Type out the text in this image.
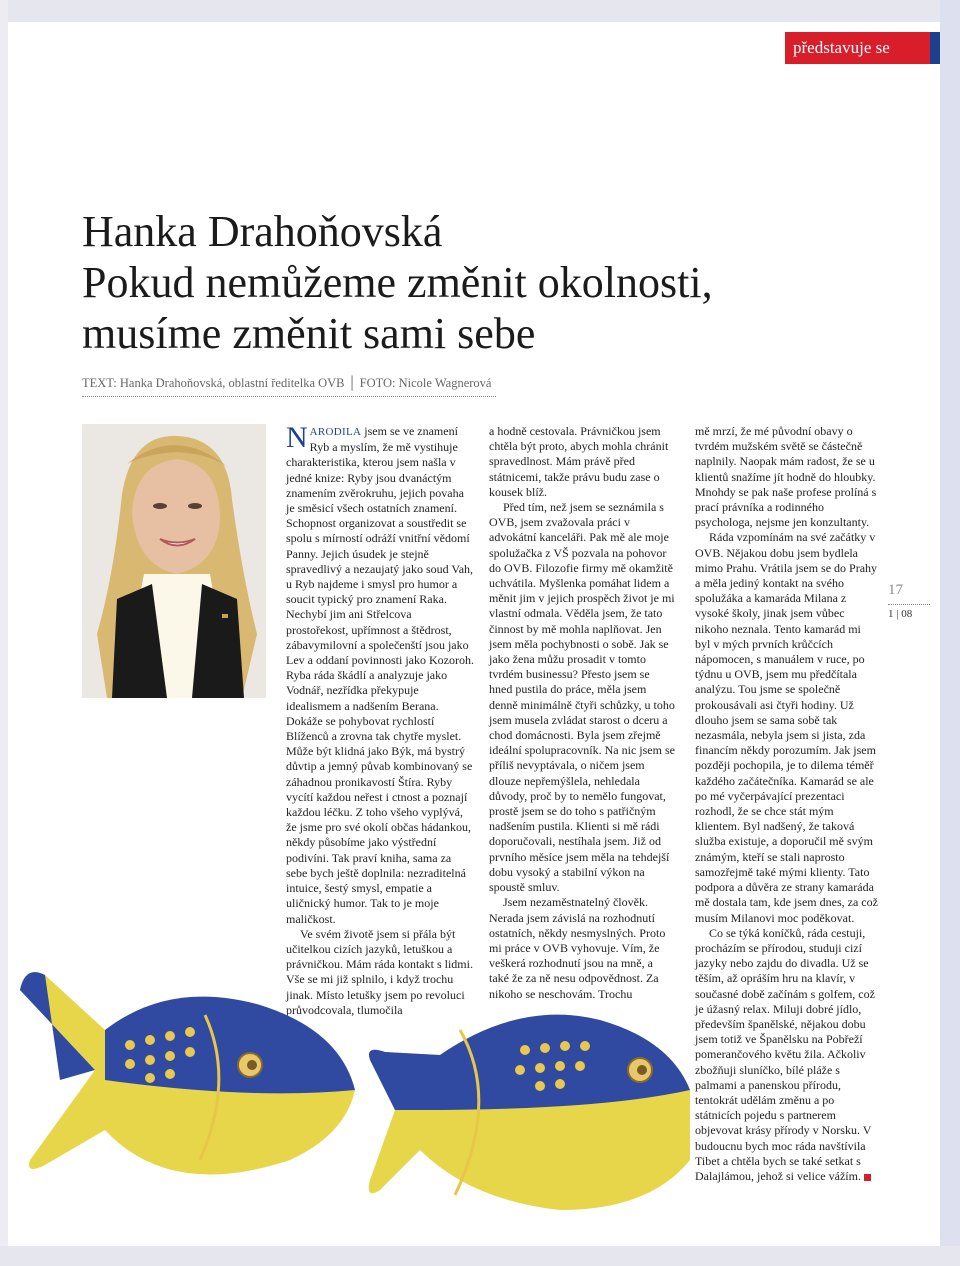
představuje se
Hanka Drahoňovská
Pokud nemůžeme změnit okolnosti,
musíme změnit sami sebe
TEXT: Hanka Drahoňovská, oblastní ředitelka OVB │ FOTO: Nicole Wagnerová

NARODILA jsem se ve znamení Ryb a myslím, že mě vystihuje charakteristika, kterou jsem našla v jedné knize: Ryby jsou dvanáctým znamením zvěrokruhu, jejich povaha je směsicí všech ostatních znamení. Schopnost organizovat a soustředit se spolu s mírností odráží vnitřní vědomí Panny. Jejich úsudek je stejně spravedlivý a nezaujatý jako soud Vah, u Ryb najdeme i smysl pro humor a soucit typický pro znamení Raka. Nechybí jim ani Střelcova prostořekost, upřímnost a štědrost, zábavymilovní a společenští jsou jako Lev a oddaní povinnosti jako Kozoroh. Ryba ráda škádlí a analyzuje jako Vodnář, nezřídka překypuje idealismem a nadšením Berana. Dokáže se pohybovat rychlostí Blíženců a zrovna tak chytře myslet. Může být klidná jako Býk, má bystrý důvtip a jemný půvab kombinovaný se záhadnou pronikavostí Štíra. Ryby vycítí každou neřest i ctnost a poznají každou léčku. Z toho všeho vyplývá, že jsme pro své okolí občas hádankou, někdy působíme jako výstřední podivíni. Tak praví kniha, sama za sebe bych ještě doplnila: nezraditelná intuice, šestý smysl, empatie a uličnický humor. Tak to je moje maličkost.

Ve svém životě jsem si přála být učitelkou cizích jazyků, letuškou a právničkou. Mám ráda kontakt s lidmi. Vše se mi již splnilo, i když trochu jinak. Místo letušky jsem po revoluci průvodcovala, tlumočila

a hodně cestovala. Právničkou jsem chtěla být proto, abych mohla chránit spravedlnost. Mám právě před státnicemi, takže právu budu zase o kousek blíž.

Před tím, než jsem se seznámila s OVB, jsem zvažovala práci v advokátní kanceláři. Pak mě ale moje spolužačka z VŠ pozvala na pohovor do OVB. Filozofie firmy mě okamžitě uchvátila. Myšlenka pomáhat lidem a měnit jim v jejich prospěch život je mi vlastní odmala. Věděla jsem, že tato činnost by mě mohla naplňovat. Jen jsem měla pochybnosti o sobě. Jak se jako žena můžu prosadit v tomto tvrdém businessu? Přesto jsem se hned pustila do práce, měla jsem denně minimálně čtyři schůzky, u toho jsem musela zvládat starost o dceru a chod domácnosti. Byla jsem zřejmě ideální spolupracovník. Na nic jsem se příliš nevyptávala, o ničem jsem dlouze nepřemýšlela, nehledala důvody, proč by to nemělo fungovat, prostě jsem se do toho s patřičným nadšením pustila. Klienti si mě rádi doporučovali, nestíhala jsem. Již od prvního měsíce jsem měla na tehdejší dobu vysoký a stabilní výkon na spoustě smluv.

Jsem nezaměstnatelný člověk. Nerada jsem závislá na rozhodnutí ostatních, někdy nesmyslných. Proto mi práce v OVB vyhovuje. Vím, že veškerá rozhodnutí jsou na mně, a také že za ně nesu odpovědnost. Za nikoho se neschovám. Trochu

mě mrzí, že mé původní obavy o tvrdém mužském světě se částečně naplnily. Naopak mám radost, že se u klientů snažíme jít hodně do hloubky. Mnohdy se pak naše profese prolíná s prací právníka a rodinného psychologa, nejsme jen konzultanty.

Ráda vzpomínám na své začátky v OVB. Nějakou dobu jsem bydlela mimo Prahu. Vrátila jsem se do Prahy a měla jediný kontakt na svého spolužáka a kamaráda Milana z vysoké školy, jinak jsem vůbec nikoho neznala. Tento kamarád mi byl v mých prvních krůčcích nápomocen, s manuálem v ruce, po týdnu u OVB, jsem mu předčítala analýzu. Tou jsme se společně prokousávali asi čtyři hodiny. Už dlouho jsem se sama sobě tak nezasmála, nebyla jsem si jista, zda financím někdy porozumím. Jak jsem později pochopila, je to dilema téměř každého začátečníka. Kamarád se ale po mé vyčerpávající prezentaci rozhodl, že se chce stát mým klientem. Byl nadšený, že taková služba existuje, a doporučil mě svým známým, kteří se stali naprosto samozřejmě také mými klienty. Tato podpora a důvěra ze strany kamaráda mě dostala tam, kde jsem dnes, za což musím Milanovi moc poděkovat.

Co se týká koníčků, ráda cestuji, procházím se přírodou, studuji cizí jazyky nebo zajdu do divadla. Už se těším, až opráším hru na klavír, v současné době začínám s golfem, což je úžasný relax. Miluji dobré jídlo, především španělské, nějakou dobu jsem totiž ve Španělsku na Pobřeží pomerančového květu žila. Ačkoliv zbožňuji sluníčko, bílé pláže s palmami a panenskou přírodu, tentokrát udělám změnu a po státnicích pojedu s partnerem objevovat krásy přírody v Norsku. V budoucnu bych moc ráda navštívila Tibet a chtěla bych se také setkat s Dalajlámou, jehož si velice vážím.

17
1 | 08
